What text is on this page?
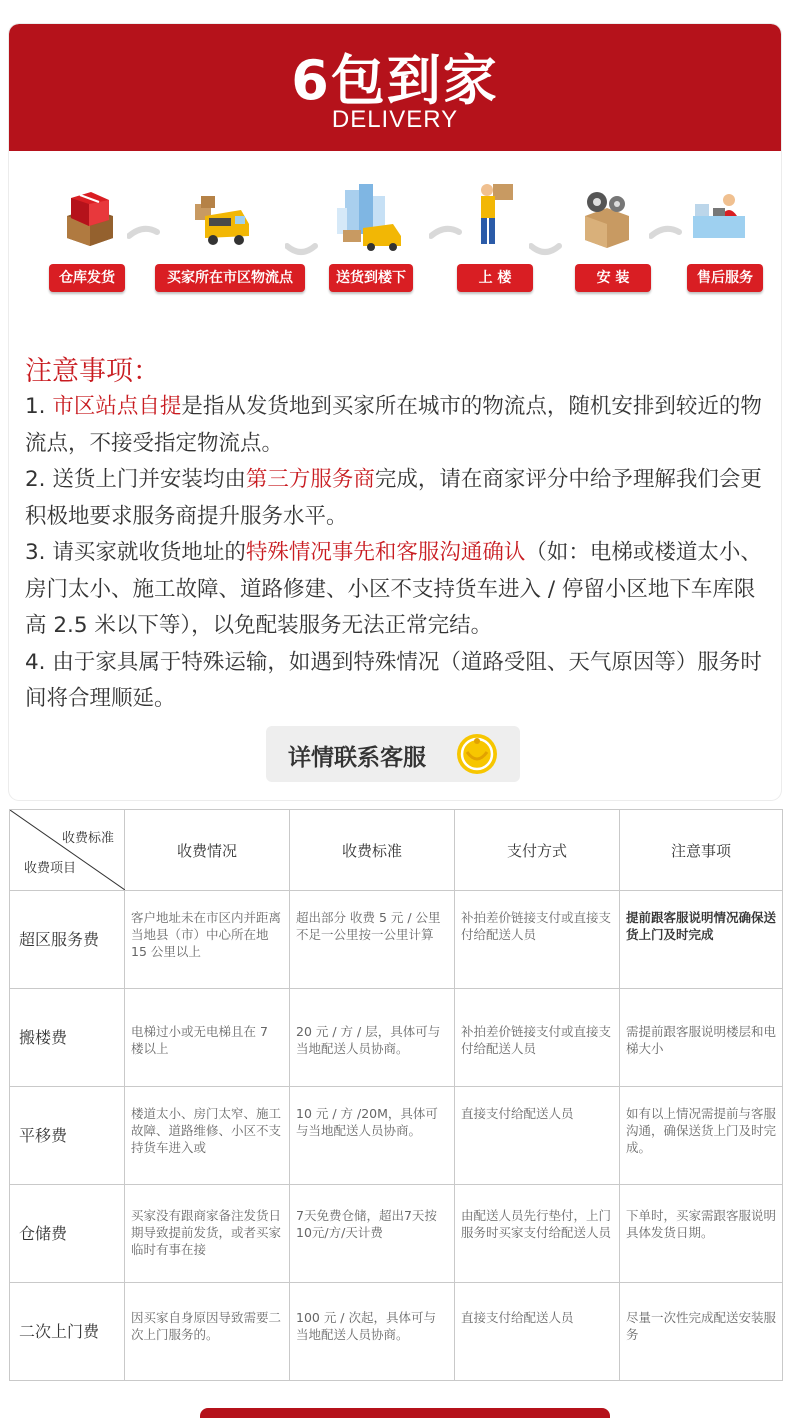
6包到家
DELIVERY
仓库发货	买家所在市区物流点	送货到楼下	上 楼	安 装	售后服务
注意事项：

1. 市区站点自提是指从发货地到买家所在城市的物流点，随机安排到较近的物流点，不接受指定物流点。

2. 送货上门并安装均由第三方服务商完成，请在商家评分中给予理解我们会更积极地要求服务商提升服务水平。

3. 请买家就收货地址的特殊情况事先和客服沟通确认（如：电梯或楼道太小、房门太小、施工故障、道路修建、小区不支持货车进入 / 停留小区地下车库限高 2.5 米以下等），以免配装服务无法正常完结。

4. 由于家具属于特殊运输，如遇到特殊情况（道路受阻、天气原因等）服务时间将合理顺延。

详情联系客服
收费标准
收费项目	收费情况	收费标准	支付方式	注意事项
超区服务费	客户地址未在市区内并距离当地县（市）中心所在地 15 公里以上	超出部分 收费 5 元 / 公里 不足一公里按一公里计算	补拍差价链接支付或直接支付给配送人员	提前跟客服说明情况确保送货上门及时完成

搬楼费	电梯过小或无电梯且在 7 楼以上	20 元 / 方 / 层，具体可与当地配送人员协商。	补拍差价链接支付或直接支付给配送人员	需提前跟客服说明楼层和电梯大小

平移费	楼道太小、房门太窄、施工故障、道路维修、小区不支持货车进入或	10 元 / 方 /20M，具体可与当地配送人员协商。	直接支付给配送人员	如有以上情况需提前与客服沟通，确保送货上门及时完成。

仓储费	买家没有跟商家备注发货日期导致提前发货，或者买家临时有事在接	7天免费仓储，超出7天按10元/方/天计费	由配送人员先行垫付，上门服务时买家支付给配送人员	下单时，买家需跟客服说明具体发货日期。

二次上门费	因买家自身原因导致需要二次上门服务的。	100 元 / 次起，具体可与当地配送人员协商。	直接支付给配送人员	尽量一次性完成配送安装服务
